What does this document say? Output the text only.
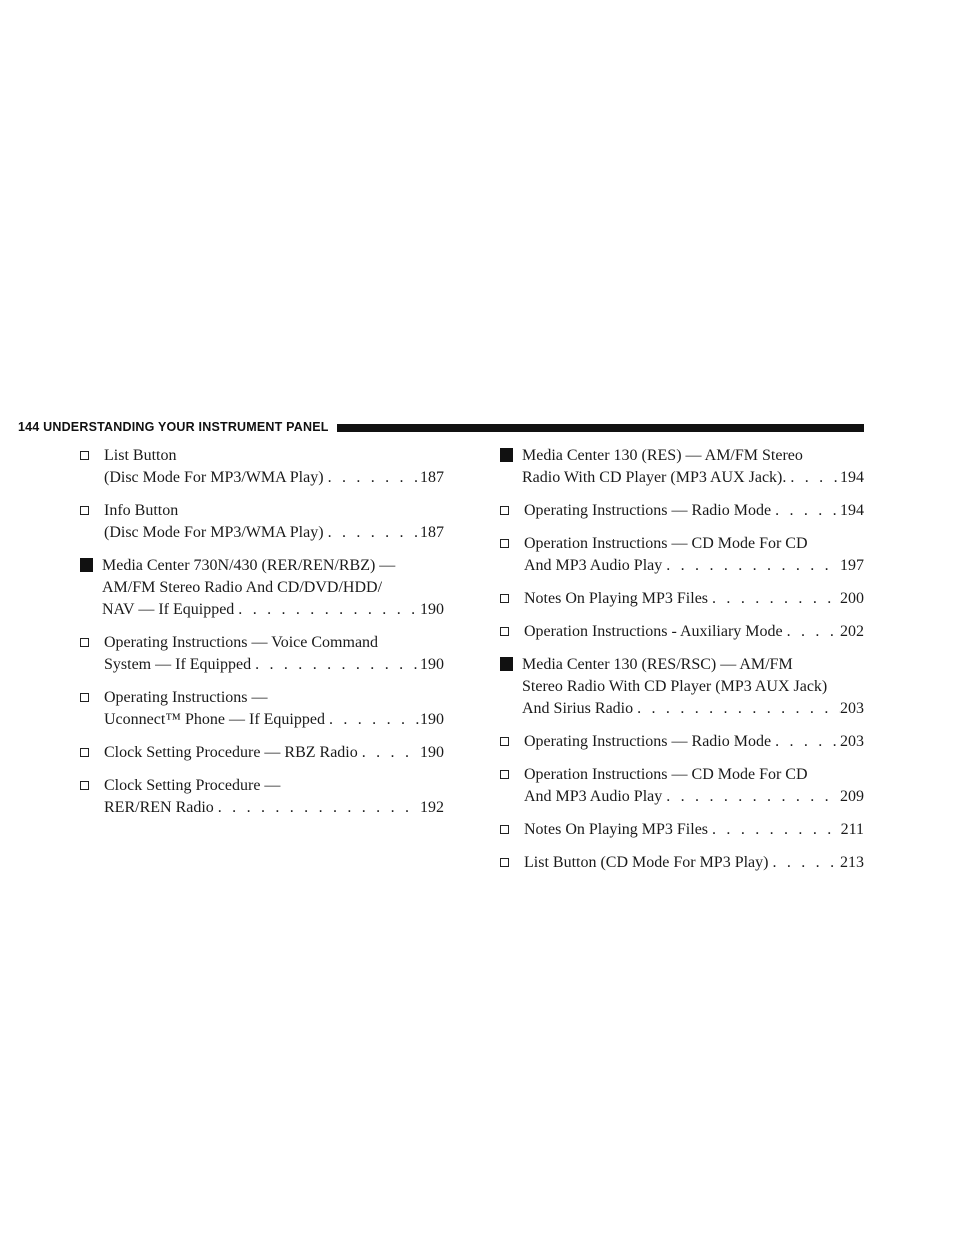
144 UNDERSTANDING YOUR INSTRUMENT PANEL
List Button
(Disc Mode For MP3/WMA Play) . . .	187
Info Button
(Disc Mode For MP3/WMA Play) . . .	187
Media Center 730N/430 (RER/REN/RBZ) —
AM/FM Stereo Radio And CD/DVD/HDD/
NAV — If Equipped . . .	190
Operating Instructions — Voice Command
System — If Equipped . . .	190
Operating Instructions —
Uconnect™ Phone — If Equipped . . .	190
Clock Setting Procedure — RBZ Radio . . .	190
Clock Setting Procedure —
RER/REN Radio . . .	192
Media Center 130 (RES) — AM/FM Stereo
Radio With CD Player (MP3 AUX Jack). . . .	194
Operating Instructions — Radio Mode . . .	194
Operation Instructions — CD Mode For CD
And MP3 Audio Play . . .	197
Notes On Playing MP3 Files . . .	200
Operation Instructions - Auxiliary Mode . . .	202
Media Center 130 (RES/RSC) — AM/FM
Stereo Radio With CD Player (MP3 AUX Jack)
And Sirius Radio . . .	203
Operating Instructions — Radio Mode . . .	203
Operation Instructions — CD Mode For CD
And MP3 Audio Play . . .	209
Notes On Playing MP3 Files . . .	211
List Button (CD Mode For MP3 Play) . . .	213
